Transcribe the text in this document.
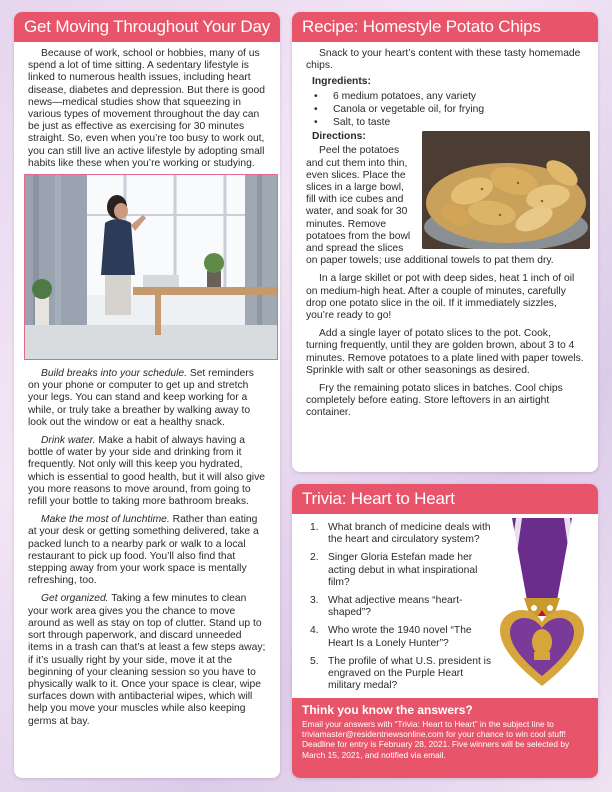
Get Moving Throughout Your Day

Because of work, school or hobbies, many of us spend a lot of time sitting. A sedentary lifestyle is linked to numerous health issues, including heart disease, diabetes and depression. But there is good news—medical studies show that squeezing in various types of movement throughout the day can be just as effective as exercising for 30 minutes straight. So, even when you’re too busy to work out, you can still live an active lifestyle by adopting small habits like these when you’re working or studying.

Build breaks into your schedule. Set reminders on your phone or computer to get up and stretch your legs. You can stand and keep working for a while, or truly take a breather by walking away to look out the window or eat a healthy snack.

Drink water. Make a habit of always having a bottle of water by your side and drinking from it frequently. Not only will this keep you hydrated, which is essential to good health, but it will also give you more reasons to move around, from going to refill your bottle to taking more bathroom breaks.

Make the most of lunchtime. Rather than eating at your desk or getting something delivered, take a packed lunch to a nearby park or walk to a local restaurant to pick up food. You’ll also find that stepping away from your work space is mentally refreshing, too.

Get organized. Taking a few minutes to clean your work area gives you the chance to move around as well as stay on top of clutter. Stand up to sort through paperwork, and discard unneeded items in a trash can that’s at least a few steps away; if it’s usually right by your side, move it at the beginning of your cleaning session so you have to physically walk to it. Once your space is clear, wipe surfaces down with antibacterial wipes, which will help you move your muscles while also keeping germs at bay.

Recipe: Homestyle Potato Chips

Snack to your heart’s content with these tasty homemade chips.

Ingredients:
• 6 medium potatoes, any variety
• Canola or vegetable oil, for frying
• Salt, to taste
Directions:

Peel the potatoes and cut them into thin, even slices. Place the slices in a large bowl, fill with ice cubes and water, and soak for 30 minutes. Remove potatoes from the bowl and spread the slices on paper towels; use additional towels to pat them dry.

In a large skillet or pot with deep sides, heat 1 inch of oil on medium-high heat. After a couple of minutes, carefully drop one potato slice in the oil. If it immediately sizzles, you’re ready to go!

Add a single layer of potato slices to the pot. Cook, turning frequently, until they are golden brown, about 3 to 4 minutes. Remove potatoes to a plate lined with paper towels. Sprinkle with salt or other seasonings as desired.

Fry the remaining potato slices in batches. Cool chips completely before eating. Store leftovers in an airtight container.

Trivia: Heart to Heart
1. What branch of medicine deals with the heart and circulatory system?
2. Singer Gloria Estefan made her acting debut in what inspirational film?
3. What adjective means “heart-shaped”?
4. Who wrote the 1940 novel “The Heart Is a Lonely Hunter”?
5. The profile of what U.S. president is engraved on the Purple Heart military medal?
Think you know the answers?

Email your answers with “Trivia: Heart to Heart” in the subject line to triviamaster@residentnewsonline.com for your chance to win cool stuff! Deadline for entry is February 28, 2021. Five winners will be selected by March 15, 2021, and notified via email.
